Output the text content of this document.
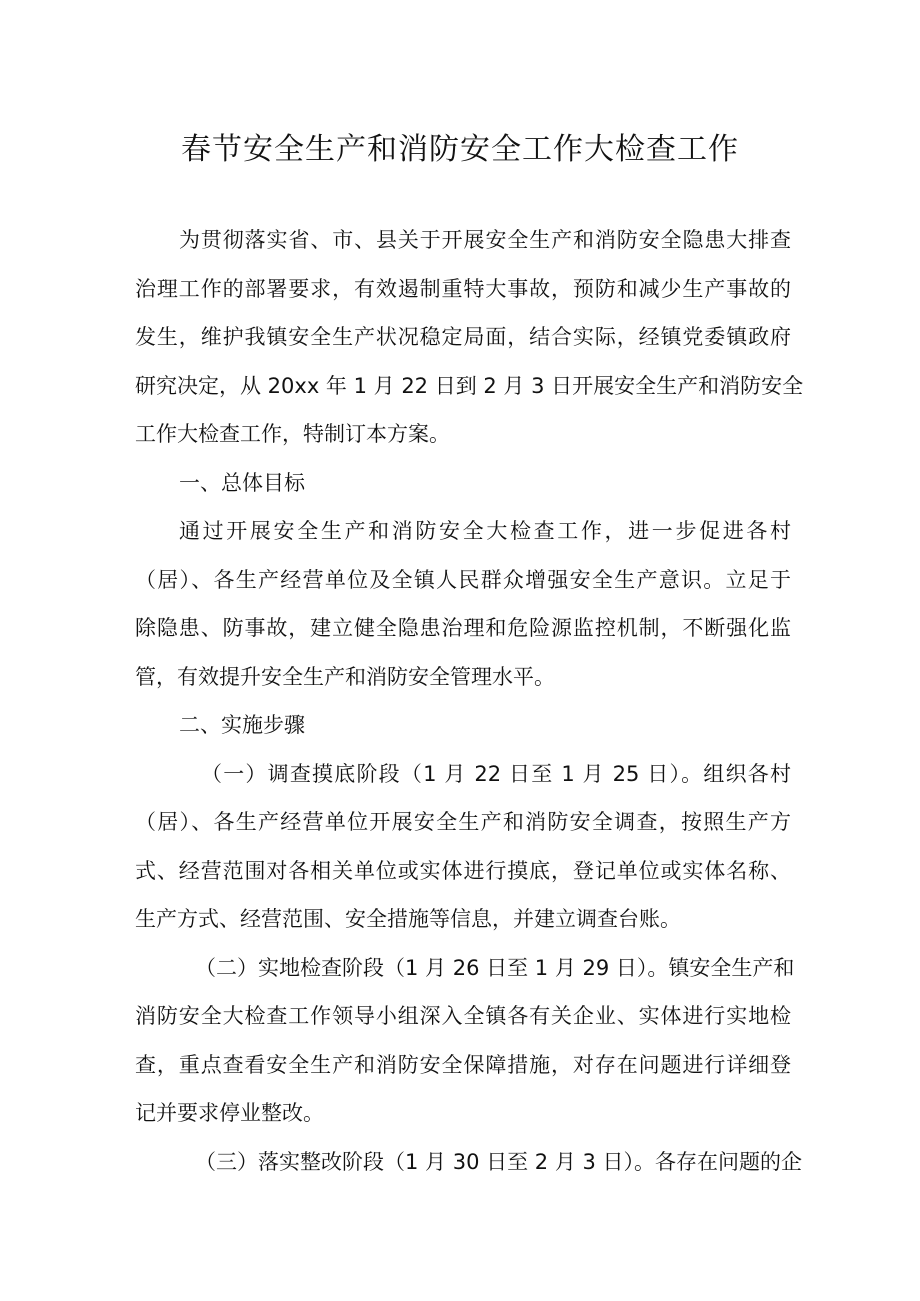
春节安全生产和消防安全工作大检查工作
为贯彻落实省、市、县关于开展安全生产和消防安全隐患大排查
治理工作的部署要求，有效遏制重特大事故，预防和减少生产事故的
发生，维护我镇安全生产状况稳定局面，结合实际，经镇党委镇政府
研究决定，从 20xx 年 1 月 22 日到 2 月 3 日开展安全生产和消防安全
工作大检查工作，特制订本方案。
一、总体目标
通过开展安全生产和消防安全大检查工作，进一步促进各村
（居）、各生产经营单位及全镇人民群众增强安全生产意识。立足于
除隐患、防事故，建立健全隐患治理和危险源监控机制，不断强化监
管，有效提升安全生产和消防安全管理水平。
二、实施步骤
（一）调查摸底阶段（1 月 22 日至 1 月 25 日）。组织各村
（居）、各生产经营单位开展安全生产和消防安全调查，按照生产方
式、经营范围对各相关单位或实体进行摸底，登记单位或实体名称、
生产方式、经营范围、安全措施等信息，并建立调查台账。
（二）实地检查阶段（1 月 26 日至 1 月 29 日）。镇安全生产和
消防安全大检查工作领导小组深入全镇各有关企业、实体进行实地检
查，重点查看安全生产和消防安全保障措施，对存在问题进行详细登
记并要求停业整改。
（三）落实整改阶段（1 月 30 日至 2 月 3 日）。各存在问题的企
